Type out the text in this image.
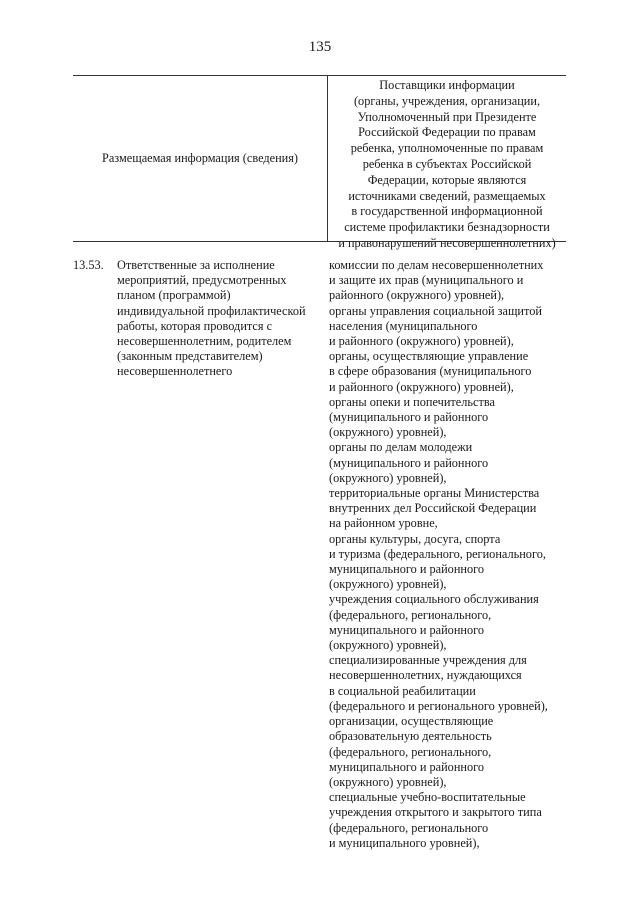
135
Размещаемая информация (сведения)
Поставщики информации
(органы, учреждения, организации,
Уполномоченный при Президенте
Российской Федерации по правам
ребенка, уполномоченные по правам
ребенка в субъектах Российской
Федерации, которые являются
источниками сведений, размещаемых
в государственной информационной
системе профилактики безнадзорности
и правонарушений несовершеннолетних)
13.53. Ответственные за исполнение
мероприятий, предусмотренных
планом (программой)
индивидуальной профилактической
работы, которая проводится с
несовершеннолетним, родителем
(законным представителем)
несовершеннолетнего
комиссии по делам несовершеннолетних
и защите их прав (муниципального и
районного (окружного) уровней),
органы управления социальной защитой
населения (муниципального
и районного (окружного) уровней),
органы, осуществляющие управление
в сфере образования (муниципального
и районного (окружного) уровней),
органы опеки и попечительства
(муниципального и районного
(окружного) уровней),
органы по делам молодежи
(муниципального и районного
(окружного) уровней),
территориальные органы Министерства
внутренних дел Российской Федерации
на районном уровне,
органы культуры, досуга, спорта
и туризма (федерального, регионального,
муниципального и районного
(окружного) уровней),
учреждения социального обслуживания
(федерального, регионального,
муниципального и районного
(окружного) уровней),
специализированные учреждения для
несовершеннолетних, нуждающихся
в социальной реабилитации
(федерального и регионального уровней),
организации, осуществляющие
образовательную деятельность
(федерального, регионального,
муниципального и районного
(окружного) уровней),
специальные учебно-воспитательные
учреждения открытого и закрытого типа
(федерального, регионального
и муниципального уровней),
